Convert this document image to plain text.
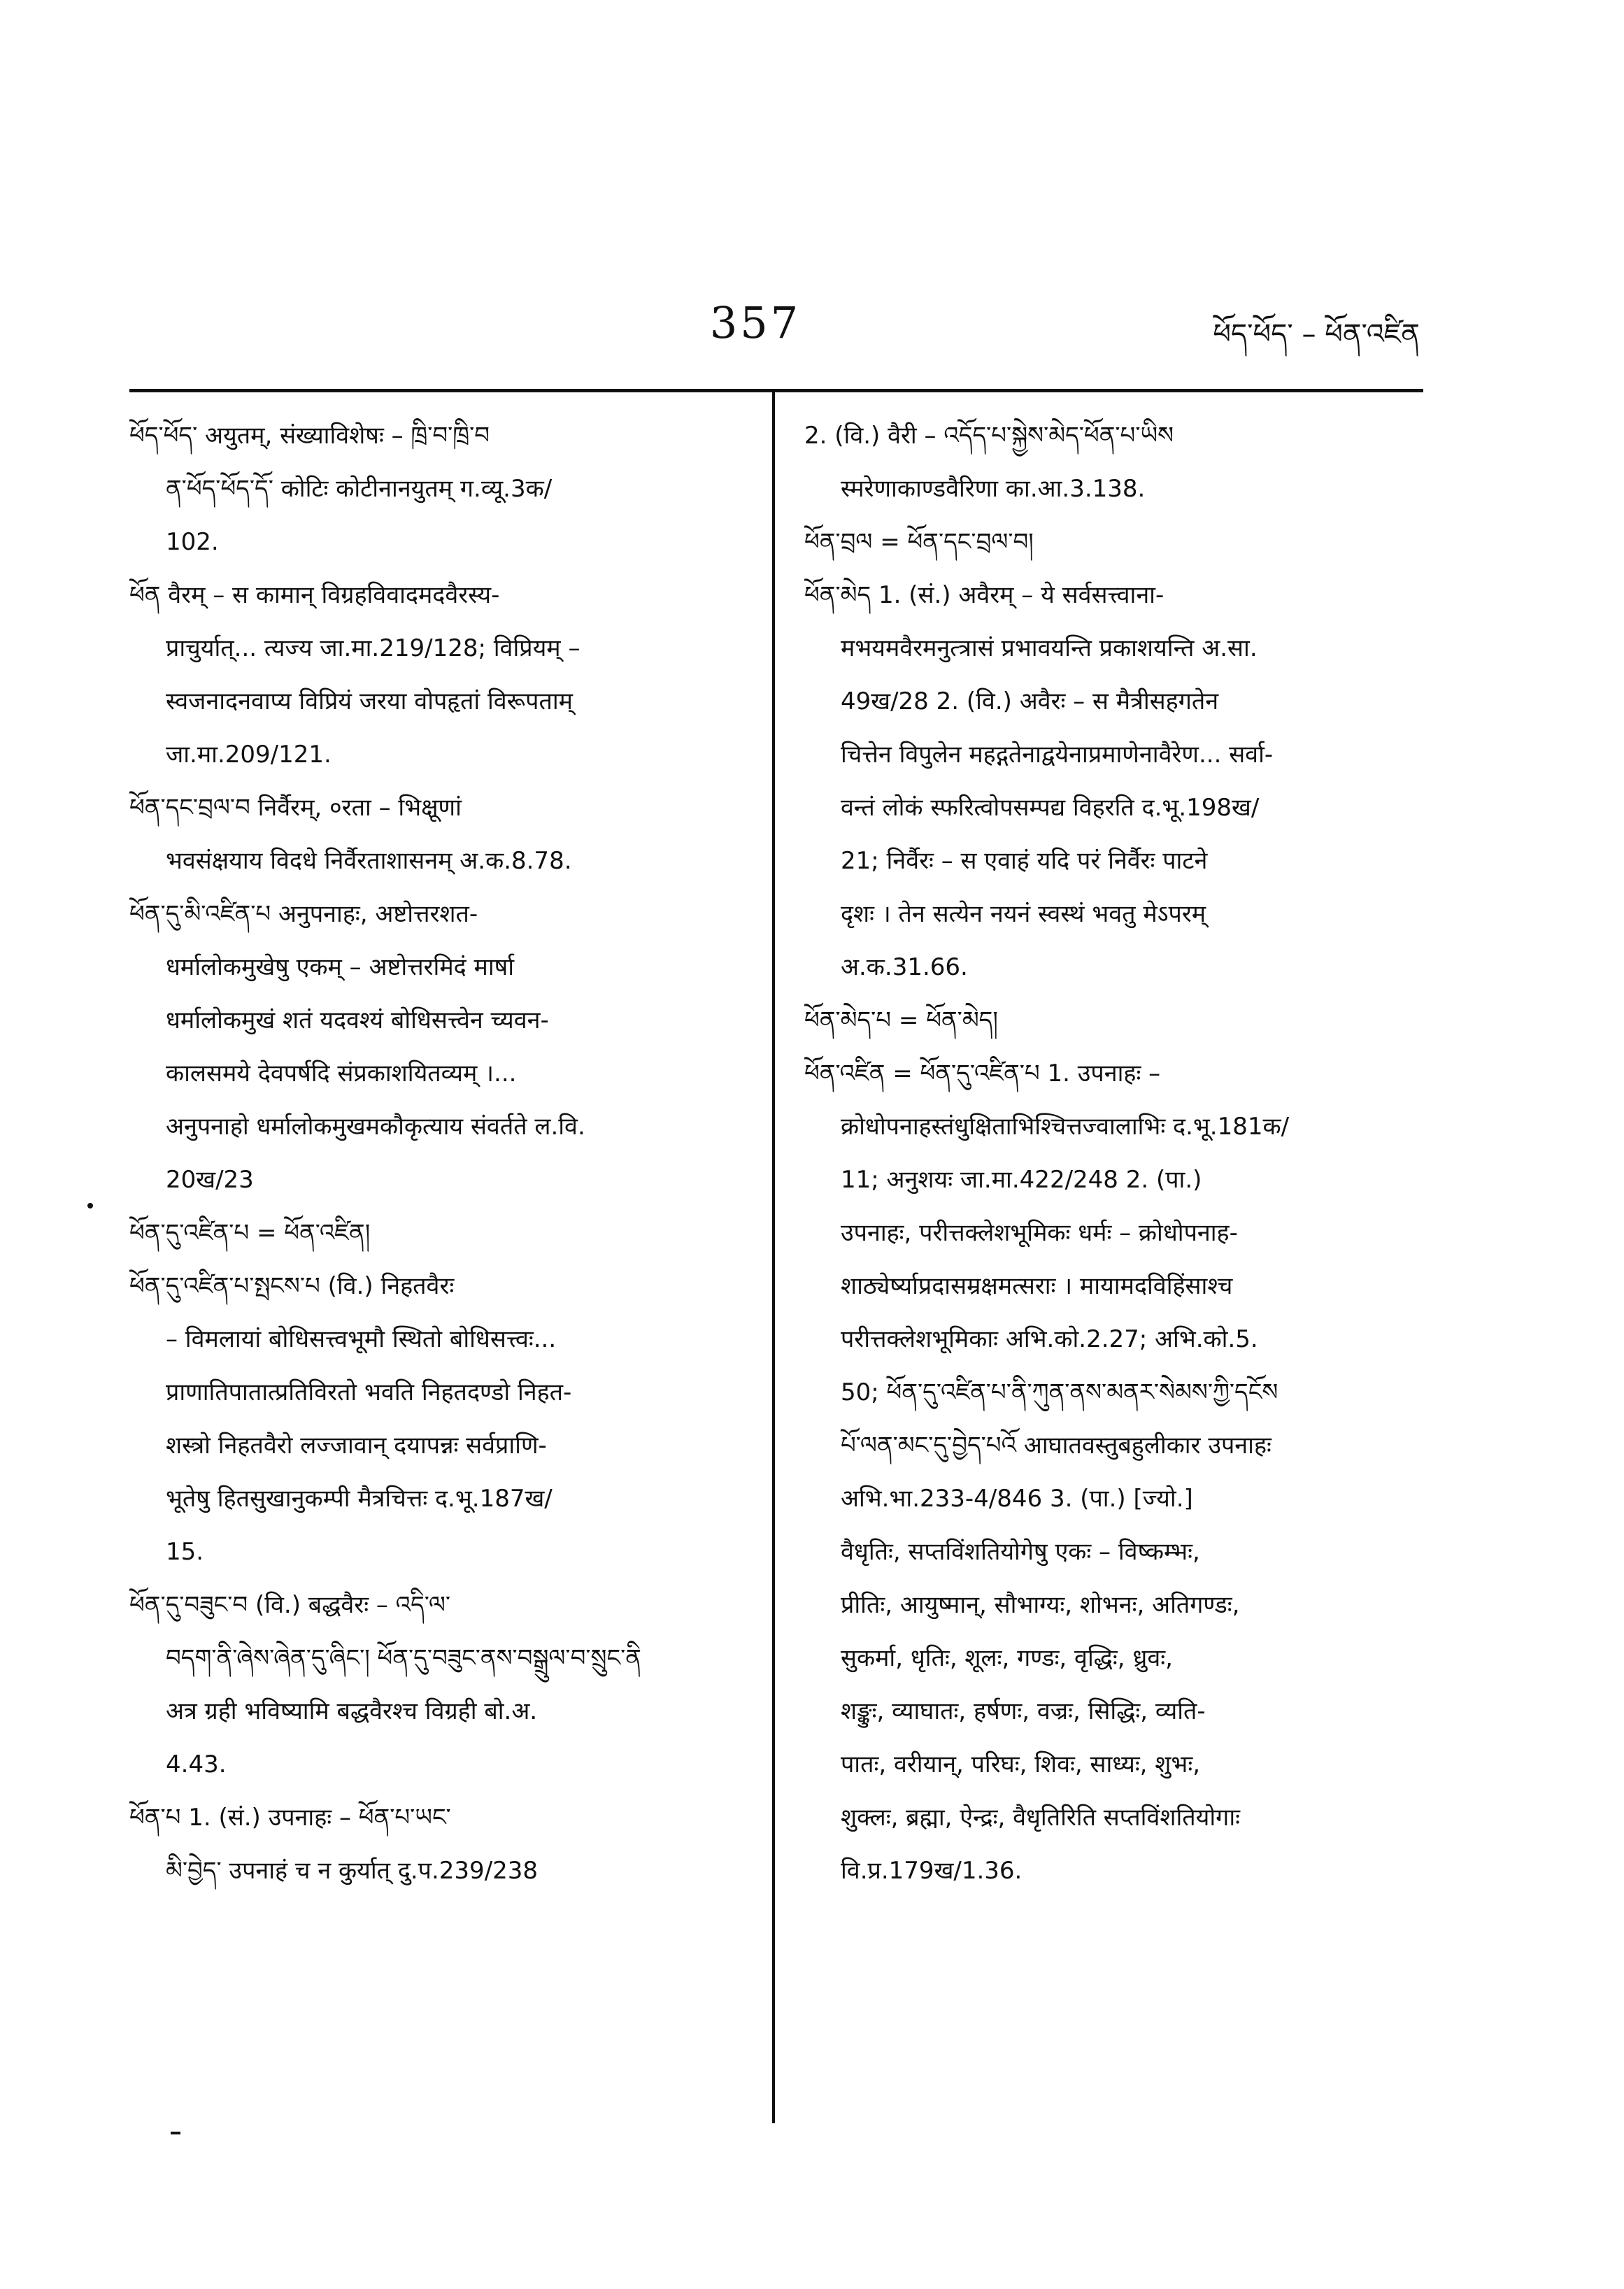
357	ཕོད་ཕོད་ – ཕོན་འཛིན
ཕོད་ཕོད་ अयुतम्, संख्याविशेषः – ཁྲི་བ་ཁྲི་བ
ན་ཕོད་ཕོད་དོ་ कोटिः कोटीनानयुतम् ग.व्यू.3क/
102.
ཕོན वैरम् – स कामान् विग्रहविवादमदवैरस्य-
प्राचुर्यात्... त्यज्य जा.मा.219/128; विप्रियम् –
स्वजनादनवाप्य विप्रियं जरया वोपहृतां विरूपताम्
जा.मा.209/121.
ཕོན་དང་བྲལ་བ निर्वैरम्, ०रता – भिक्षूणां
भवसंक्षयाय विदधे निर्वैरताशासनम् अ.क.8.78.
ཕོན་དུ་མི་འཛིན་པ अनुपनाहः, अष्टोत्तरशत-
धर्मालोकमुखेषु एकम् – अष्टोत्तरमिदं मार्षा
धर्मालोकमुखं शतं यदवश्यं बोधिसत्त्वेन च्यवन-
कालसमये देवपर्षदि संप्रकाशयितव्यम् ।...
अनुपनाहो धर्मालोकमुखमकौकृत्याय संवर्तते ल.वि.
20ख/23
ཕོན་དུ་འཛིན་པ = ཕོན་འཛིན།
ཕོན་དུ་འཛིན་པ་སྤངས་པ (वि.) निहतवैरः
– विमलायां बोधिसत्त्वभूमौ स्थितो बोधिसत्त्वः...
प्राणातिपातात्प्रतिविरतो भवति निहतदण्डो निहत-
शस्त्रो निहतवैरो लज्जावान् दयापन्नः सर्वप्राणि-
भूतेषु हितसुखानुकम्पी मैत्रचित्तः द.भू.187ख/
15.
ཕོན་དུ་བཟུང་བ (वि.) बद्धवैरः – འདི་ལ་
བདག་ནི་ཞེས་ཞེན་དུ་ཞིང་། ཕོན་དུ་བཟུང་ནས་བསྒྲུལ་བ་སྲུང་ནི
अत्र ग्रही भविष्यामि बद्धवैरश्च विग्रही बो.अ.
4.43.
ཕོན་པ 1. (सं.) उपनाहः – ཕོན་པ་ཡང་
མི་བྱེད་ उपनाहं च न कुर्यात् दु.प.239/238
2. (वि.) वैरी – འདོད་པ་སྐྱེས་མེད་ཕོན་པ་ཡིས
स्मरेणाकाण्डवैरिणा का.आ.3.138.
ཕོན་བྲལ = ཕོན་དང་བྲལ་བ།
ཕོན་མེད 1. (सं.) अवैरम् – ये सर्वसत्त्वाना-
मभयमवैरमनुत्त्रासं प्रभावयन्ति प्रकाशयन्ति अ.सा.
49ख/28 2. (वि.) अवैरः – स मैत्रीसहगतेन
चित्तेन विपुलेन महद्गतेनाद्वयेनाप्रमाणेनावैरेण... सर्वा-
वन्तं लोकं स्फरित्वोपसम्पद्य विहरति द.भू.198ख/
21; निर्वैरः – स एवाहं यदि परं निर्वैरः पाटने
दृशः । तेन सत्येन नयनं स्वस्थं भवतु मेऽपरम्
अ.क.31.66.
ཕོན་མེད་པ = ཕོན་མེད།
ཕོན་འཛིན = ཕོན་དུ་འཛིན་པ 1. उपनाहः –
क्रोधोपनाहस्तंधुक्षिताभिश्चित्तज्वालाभिः द.भू.181क/
11; अनुशयः जा.मा.422/248 2. (पा.)
उपनाहः, परीत्तक्लेशभूमिकः धर्मः – क्रोधोपनाह-
शाठ्येर्ष्याप्रदासम्रक्षमत्सराः । मायामदविहिंसाश्च
परीत्तक्लेशभूमिकाः अभि.को.2.27; अभि.को.5.
50; ཕོན་དུ་འཛིན་པ་ནི་ཀུན་ནས་མནར་སེམས་ཀྱི་དངོས
པོ་ལན་མང་དུ་བྱེད་པའོ आघातवस्तुबहुलीकार उपनाहः
अभि.भा.233-4/846 3. (पा.) [ज्यो.]
वैधृतिः, सप्तविंशतियोगेषु एकः – विष्कम्भः,
प्रीतिः, आयुष्मान्, सौभाग्यः, शोभनः, अतिगण्डः,
सुकर्मा, धृतिः, शूलः, गण्डः, वृद्धिः, ध्रुवः,
शङ्कुः, व्याघातः, हर्षणः, वज्रः, सिद्धिः, व्यति-
पातः, वरीयान्, परिघः, शिवः, साध्यः, शुभः,
शुक्लः, ब्रह्मा, ऐन्द्रः, वैधृतिरिति सप्तविंशतियोगाः
वि.प्र.179ख/1.36.
